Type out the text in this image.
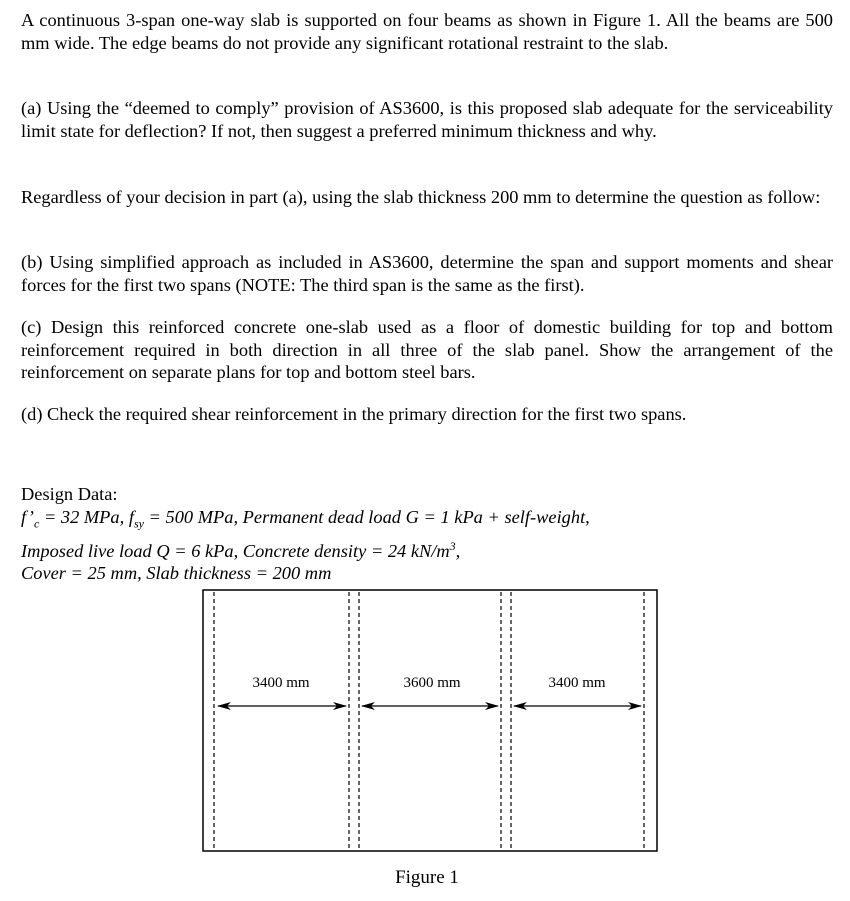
A continuous 3-span one-way slab is supported on four beams as shown in Figure 1. All the beams are 500 mm wide. The edge beams do not provide any significant rotational restraint to the slab.

(a) Using the “deemed to comply” provision of AS3600, is this proposed slab adequate for the serviceability limit state for deflection? If not, then suggest a preferred minimum thickness and why.

Regardless of your decision in part (a), using the slab thickness 200 mm to determine the question as follow:

(b) Using simplified approach as included in AS3600, determine the span and support moments and shear forces for the first two spans (NOTE: The third span is the same as the first).

(c) Design this reinforced concrete one-slab used as a floor of domestic building for top and bottom reinforcement required in both direction in all three of the slab panel. Show the arrangement of the reinforcement on separate plans for top and bottom steel bars.

(d) Check the required shear reinforcement in the primary direction for the first two spans.

Design Data:
$f’_c = 32$ MPa, $f_{sy} = 500$ MPa, Permanent dead load G = 1 kPa + self-weight,
Imposed live load Q = 6 kPa, Concrete density = 24 $kN/m^3$,
Cover = 25 mm, Slab thickness = 200 mm
3400 mm	3600 mm	3400 mm
Figure 1
